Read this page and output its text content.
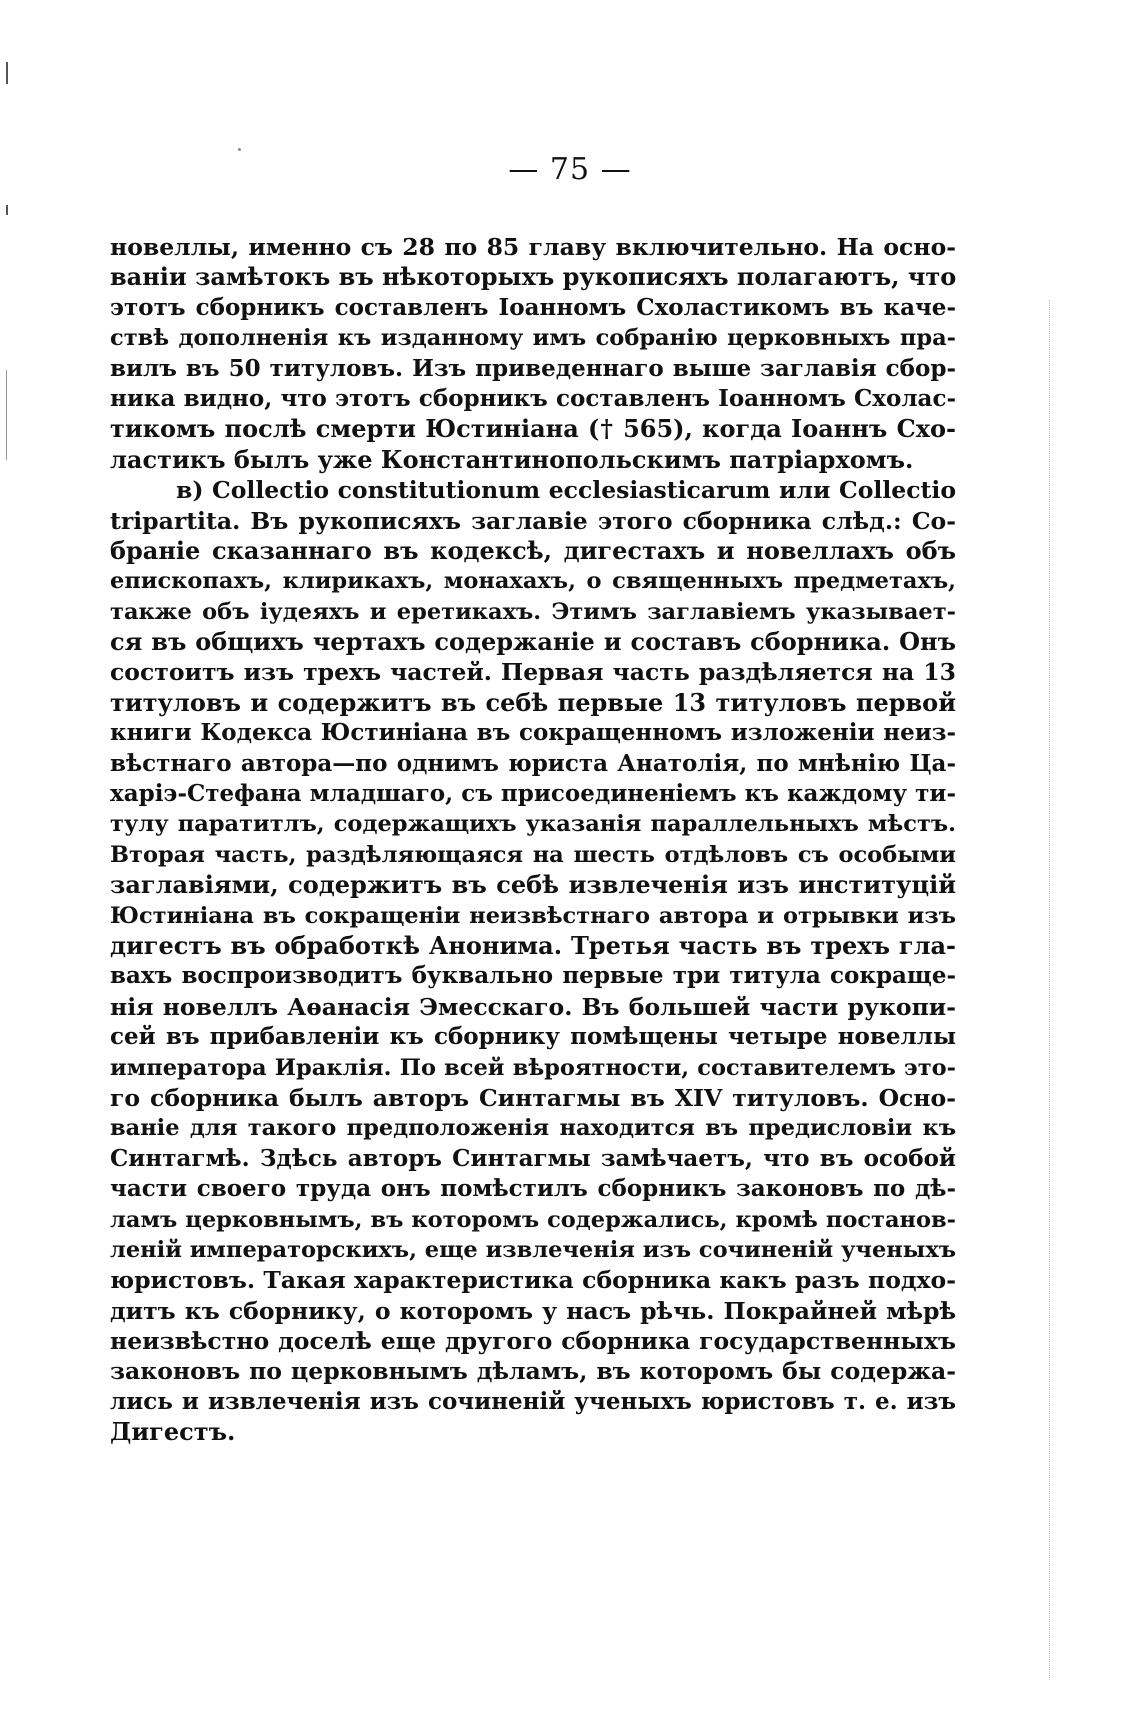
— 75 —
новеллы, именно съ 28 по 85 главу включительно. На осно-
ваніи замѣтокъ въ нѣкоторыхъ рукописяхъ полагаютъ, что
этотъ сборникъ составленъ Іоанномъ Схоластикомъ въ каче-
ствѣ дополненія къ изданному имъ собранію церковныхъ пра-
вилъ въ 50 титуловъ. Изъ приведеннаго выше заглавія сбор-
ника видно, что этотъ сборникъ составленъ Іоанномъ Схолас-
тикомъ послѣ смерти Юстиніана († 565), когда Іоаннъ Схо-
ластикъ былъ уже Константинопольскимъ патріархомъ.
в) Collectio constitutionum ecclesiasticarum или Collectio
tripartita. Въ рукописяхъ заглавіе этого сборника слѣд.: Со-
браніе сказаннаго въ кодексѣ, дигестахъ и новеллахъ объ
епископахъ, клирикахъ, монахахъ, о священныхъ предметахъ,
также объ іудеяхъ и еретикахъ. Этимъ заглавіемъ указывает-
ся въ общихъ чертахъ содержаніе и составъ сборника. Онъ
состоитъ изъ трехъ частей. Первая часть раздѣляется на 13
титуловъ и содержитъ въ себѣ первые 13 титуловъ первой
книги Кодекса Юстиніана въ сокращенномъ изложеніи неиз-
вѣстнаго автора—по однимъ юриста Анатолія, по мнѣнію Ца-
харіэ-Стефана младшаго, съ присоединеніемъ къ каждому ти-
тулу паратитлъ, содержащихъ указанія параллельныхъ мѣстъ.
Вторая часть, раздѣляющаяся на шесть отдѣловъ съ особыми
заглавіями, содержитъ въ себѣ извлеченія изъ институцій
Юстиніана въ сокращеніи неизвѣстнаго автора и отрывки изъ
дигестъ въ обработкѣ Анонима. Третья часть въ трехъ гла-
вахъ воспроизводитъ буквально первые три титула сокраще-
нія новеллъ Аѳанасія Эмесскаго. Въ большей части рукопи-
сей въ прибавленіи къ сборнику помѣщены четыре новеллы
императора Ираклія. По всей вѣроятности, составителемъ это-
го сборника былъ авторъ Синтагмы въ XIV титуловъ. Осно-
ваніе для такого предположенія находится въ предисловіи къ
Синтагмѣ. Здѣсь авторъ Синтагмы замѣчаетъ, что въ особой
части своего труда онъ помѣстилъ сборникъ законовъ по дѣ-
ламъ церковнымъ, въ которомъ содержались, кромѣ постанов-
леній императорскихъ, еще извлеченія изъ сочиненій ученыхъ
юристовъ. Такая характеристика сборника какъ разъ подхо-
дитъ къ сборнику, о которомъ у насъ рѣчь. Покрайней мѣрѣ
неизвѣстно доселѣ еще другого сборника государственныхъ
законовъ по церковнымъ дѣламъ, въ которомъ бы содержа-
лись и извлеченія изъ сочиненій ученыхъ юристовъ т. е. изъ
Дигестъ.
